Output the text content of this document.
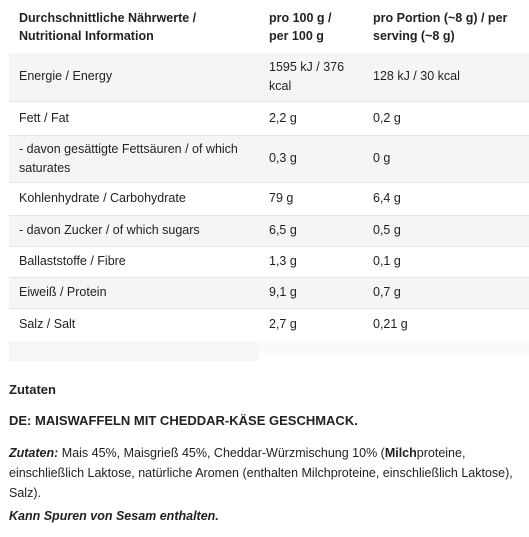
Durchschnittliche Nährwerte / Nutritional Information	pro 100 g / per 100 g	pro Portion (~8 g) / per serving (~8 g)
Energie / Energy	1595 kJ / 376 kcal	128 kJ / 30 kcal
Fett / Fat	2,2 g	0,2 g
- davon gesättigte Fettsäuren / of which saturates	0,3 g	0 g
Kohlenhydrate / Carbohydrate	79 g	6,4 g
- davon Zucker / of which sugars	6,5 g	0,5 g
Ballaststoffe / Fibre	1,3 g	0,1 g
Eiweiß / Protein	9,1 g	0,7 g
Salz / Salt	2,7 g	0,21 g
Zutaten
DE: MAISWAFFELN MIT CHEDDAR-KÄSE GESCHMACK.
Zutaten: Mais 45%, Maisgrieß 45%, Cheddar-Würzmischung 10% (Milchproteine, einschließlich Laktose, natürliche Aromen (enthalten Milchproteine, einschließlich Laktose), Salz).
Kann Spuren von Sesam enthalten.
